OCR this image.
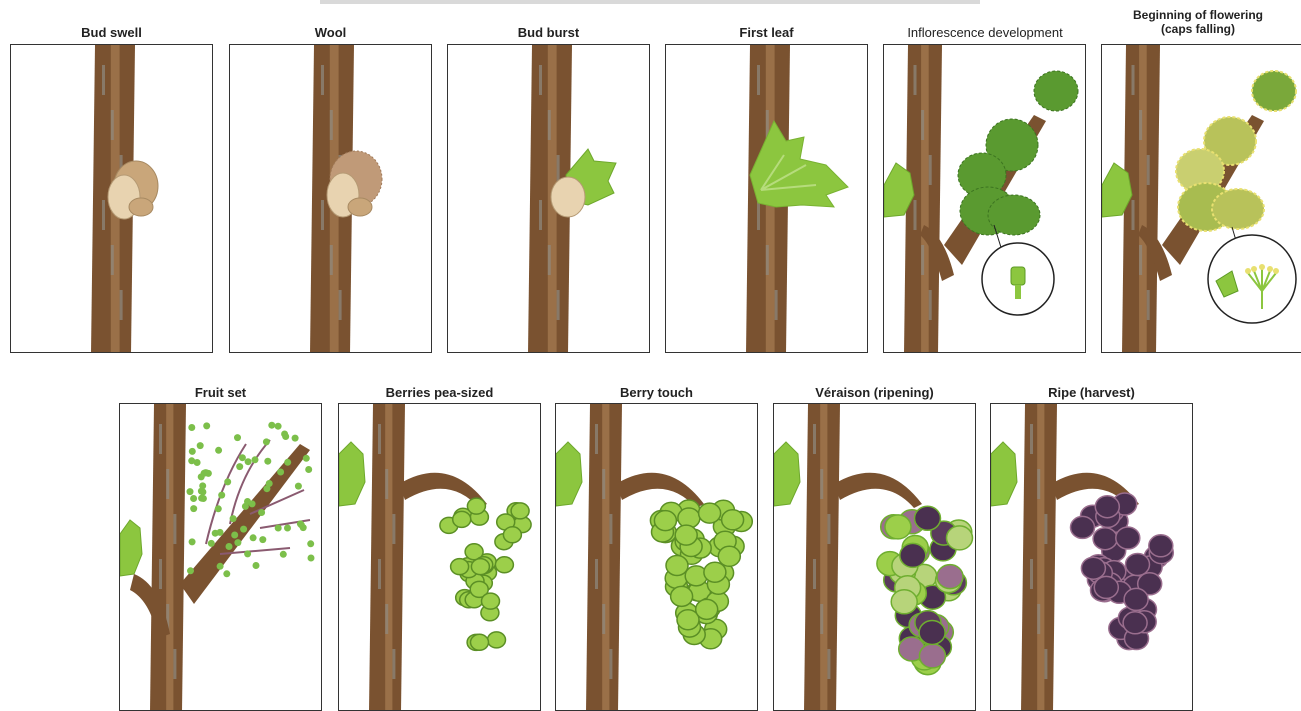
Bud swell	Wool	Bud burst	First leaf	Inflorescence development
Beginning of flowering
(caps falling)
Fruit set	Berries pea-sized	Berry touch	Véraison (ripening)	Ripe (harvest)
